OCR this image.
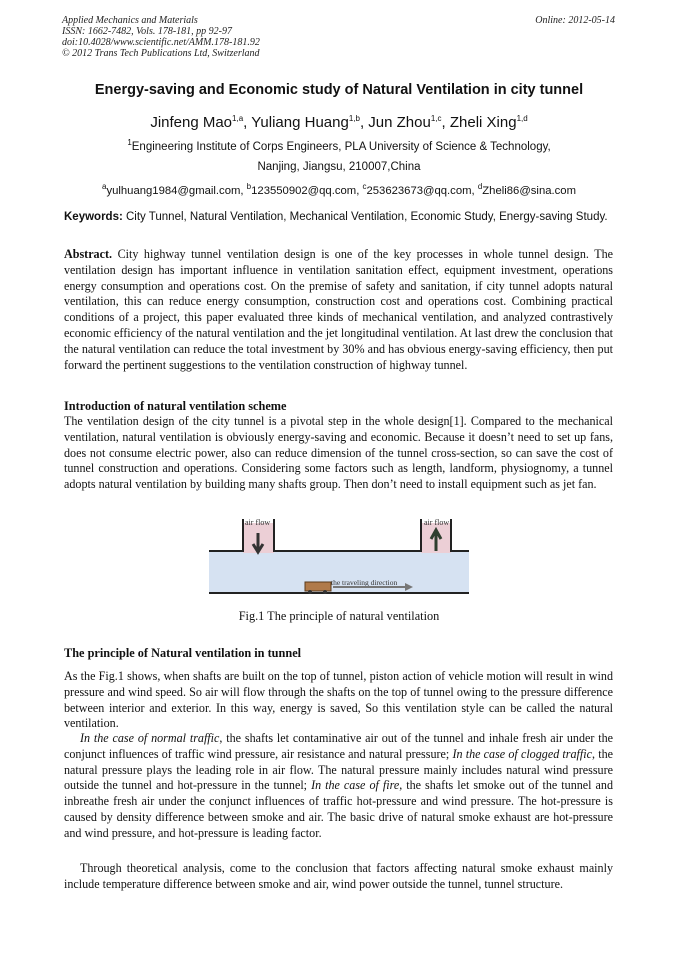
Applied Mechanics and Materials
ISSN: 1662-7482, Vols. 178-181, pp 92-97
doi:10.4028/www.scientific.net/AMM.178-181.92
© 2012 Trans Tech Publications Ltd, Switzerland
Online: 2012-05-14
Energy-saving and Economic study of Natural Ventilation in city tunnel
Jinfeng Mao$^{1,a}$, Yuliang Huang$^{1,b}$, Jun Zhou$^{1,c}$, Zheli Xing$^{1,d}$
$^1$Engineering Institute of Corps Engineers, PLA University of Science & Technology,
Nanjing, Jiangsu, 210007,China
$^a$yulhuang1984@gmail.com, $^b$123550902@qq.com, $^c$253623673@qq.com, $^d$Zheli86@sina.com
Keywords: City Tunnel, Natural Ventilation, Mechanical Ventilation, Economic Study, Energy-saving Study.
Abstract. City highway tunnel ventilation design is one of the key processes in whole tunnel design. The ventilation design has important influence in ventilation sanitation effect, equipment investment, operations energy consumption and operations cost. On the premise of safety and sanitation, if city tunnel adopts natural ventilation, this can reduce energy consumption, construction cost and operations cost. Combining practical conditions of a project, this paper evaluated three kinds of mechanical ventilation, and analyzed contrastively economic efficiency of the natural ventilation and the jet longitudinal ventilation. At last drew the conclusion that the natural ventilation can reduce the total investment by 30% and has obvious energy-saving efficiency, then put forward the pertinent suggestions to the ventilation construction of highway tunnel.
Introduction of natural ventilation scheme
The ventilation design of the city tunnel is a pivotal step in the whole design[1]. Compared to the mechanical ventilation, natural ventilation is obviously energy-saving and economic. Because it doesn’t need to set up fans, does not consume electric power, also can reduce dimension of the tunnel cross-section, so can save the cost of tunnel construction and operations. Considering some factors such as length, landform, physiognomy, a tunnel adopts natural ventilation by building many shafts group. Then don’t need to install equipment such as jet fan.
air flow	air flow
the traveling direction
Fig.1 The principle of natural ventilation
The principle of Natural ventilation in tunnel
As the Fig.1 shows, when shafts are built on the top of tunnel, piston action of vehicle motion will result in wind pressure and wind speed. So air will flow through the shafts on the top of tunnel owing to the pressure difference between interior and exterior. In this way, energy is saved, So this ventilation style can be called the natural ventilation.
In the case of normal traffic, the shafts let contaminative air out of the tunnel and inhale fresh air under the conjunct influences of traffic wind pressure, air resistance and natural pressure; In the case of clogged traffic, the natural pressure plays the leading role in air flow. The natural pressure mainly includes natural wind pressure outside the tunnel and hot-pressure in the tunnel; In the case of fire, the shafts let smoke out of the tunnel and inbreathe fresh air under the conjunct influences of traffic hot-pressure and wind pressure. The hot-pressure is caused by density difference between smoke and air. The basic drive of natural smoke exhaust are hot-pressure and wind pressure, and hot-pressure is leading factor.
Through theoretical analysis, come to the conclusion that factors affecting natural smoke exhaust mainly include temperature difference between smoke and air, wind power outside the tunnel, tunnel structure.
